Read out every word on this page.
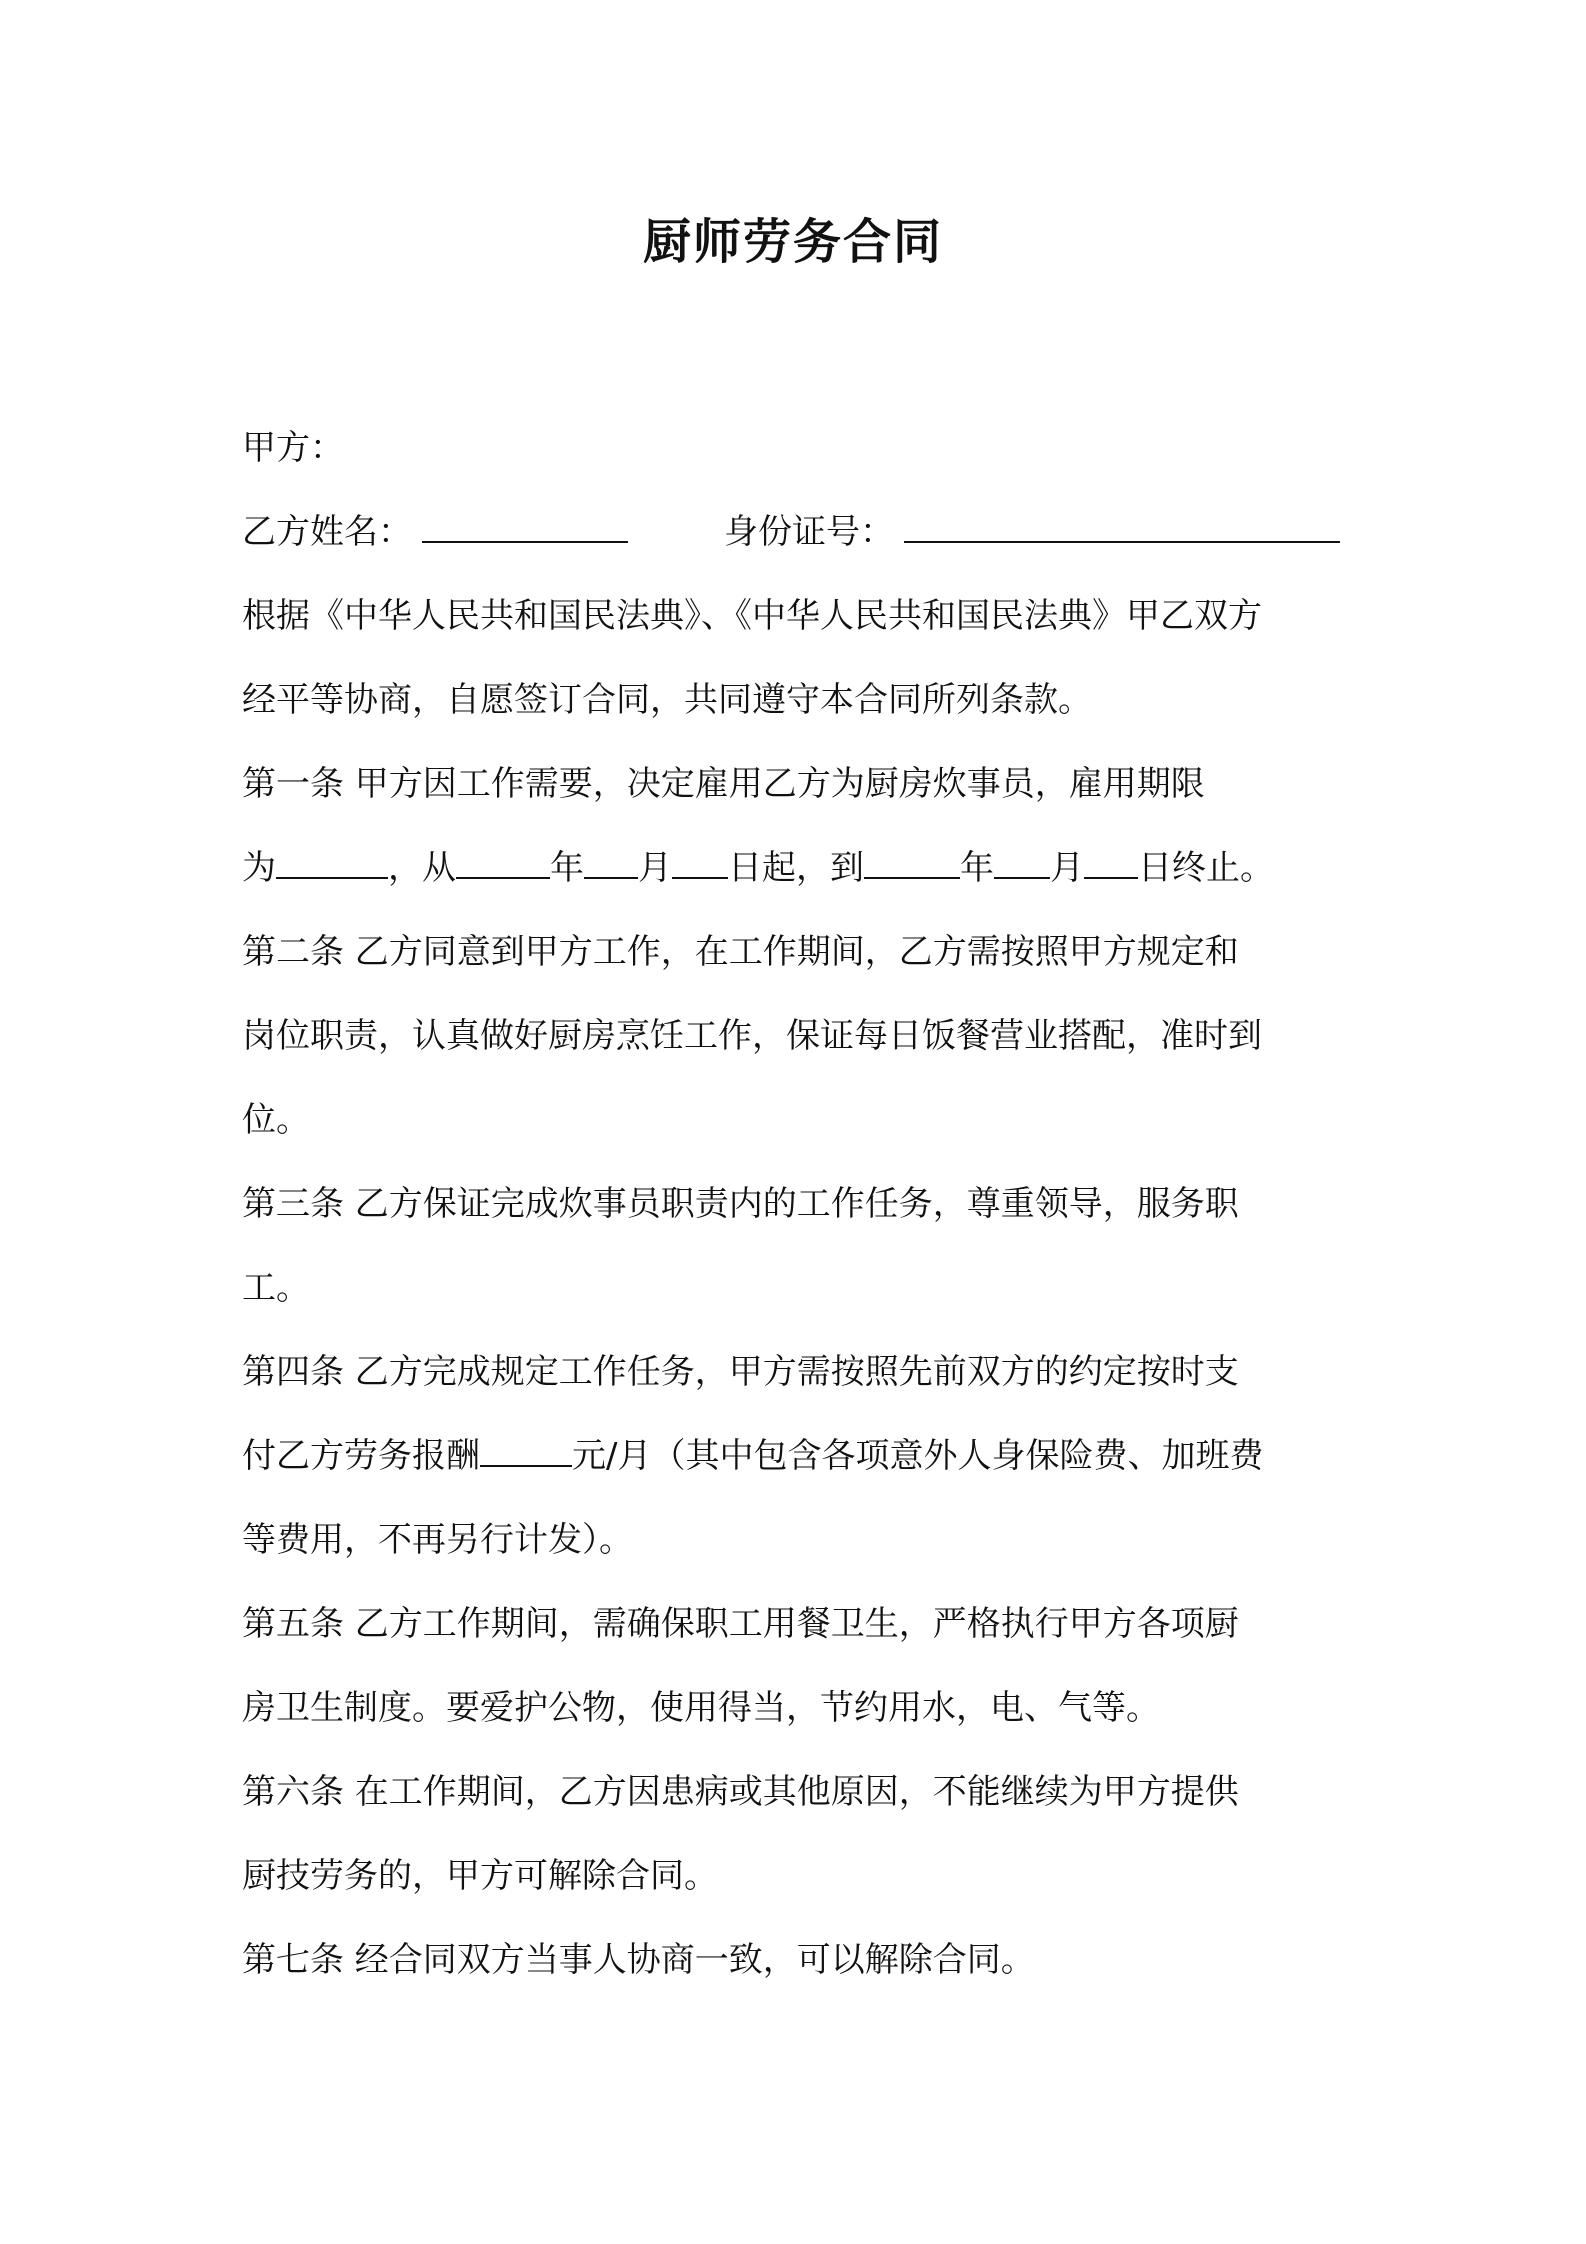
厨师劳务合同
甲方：
乙方姓名：	身份证号：
根据《中华人民共和国民法典》、《中华人民共和国民法典》甲乙双方
经平等协商，自愿签订合同，共同遵守本合同所列条款。
第一条 甲方因工作需要，决定雇用乙方为厨房炊事员，雇用期限
为	，从	年 月 日起，到	年 月 日终止。
第二条 乙方同意到甲方工作，在工作期间，乙方需按照甲方规定和
岗位职责，认真做好厨房烹饪工作，保证每日饭餐营业搭配，准时到
位。
第三条 乙方保证完成炊事员职责内的工作任务，尊重领导，服务职
工。
第四条 乙方完成规定工作任务，甲方需按照先前双方的约定按时支
付乙方劳务报酬	元/月（其中包含各项意外人身保险费、加班费
等费用，不再另行计发）。
第五条 乙方工作期间，需确保职工用餐卫生，严格执行甲方各项厨
房卫生制度。要爱护公物，使用得当，节约用水，电、气等。
第六条 在工作期间，乙方因患病或其他原因，不能继续为甲方提供
厨技劳务的，甲方可解除合同。
第七条 经合同双方当事人协商一致，可以解除合同。
